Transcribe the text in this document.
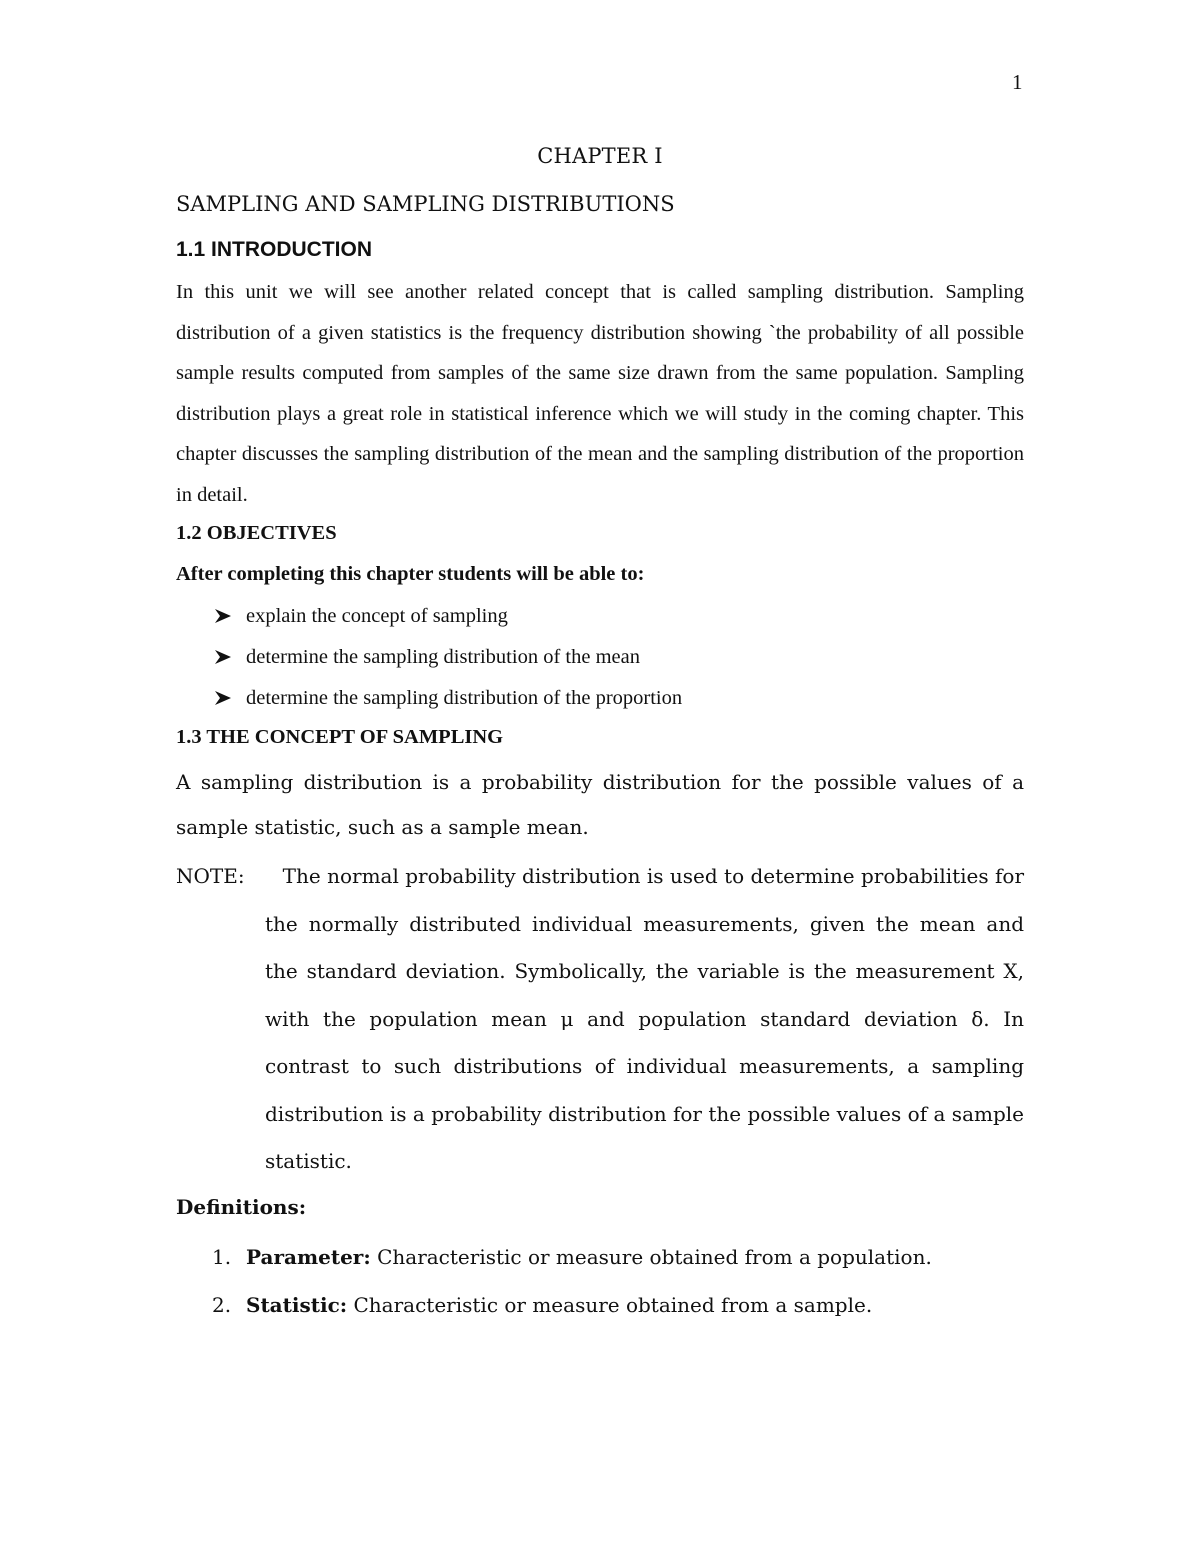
1
CHAPTER I
SAMPLING AND SAMPLING DISTRIBUTIONS
1.1 INTRODUCTION

In this unit we will see another related concept that is called sampling distribution. Sampling distribution of a given statistics is the frequency distribution showing `the probability of all possible sample results computed from samples of the same size drawn from the same population. Sampling distribution plays a great role in statistical inference which we will study in the coming chapter. This chapter discusses the sampling distribution of the mean and the sampling distribution of the proportion in detail.

1.2 OBJECTIVES
After completing this chapter students will be able to:
explain the concept of sampling
determine the sampling distribution of the mean
determine the sampling distribution of the proportion
1.3 THE CONCEPT OF SAMPLING

A sampling distribution is a probability distribution for the possible values of a sample statistic, such as a sample mean.

NOTE: The normal probability distribution is used to determine probabilities for
the normally distributed individual measurements, given the mean and the standard deviation. Symbolically, the variable is the measurement X, with the population mean μ and population standard deviation δ. In contrast to such distributions of individual measurements, a sampling distribution is a probability distribution for the possible values of a sample statistic.
Definitions:
1. Parameter: Characteristic or measure obtained from a population.
2. Statistic: Characteristic or measure obtained from a sample.
